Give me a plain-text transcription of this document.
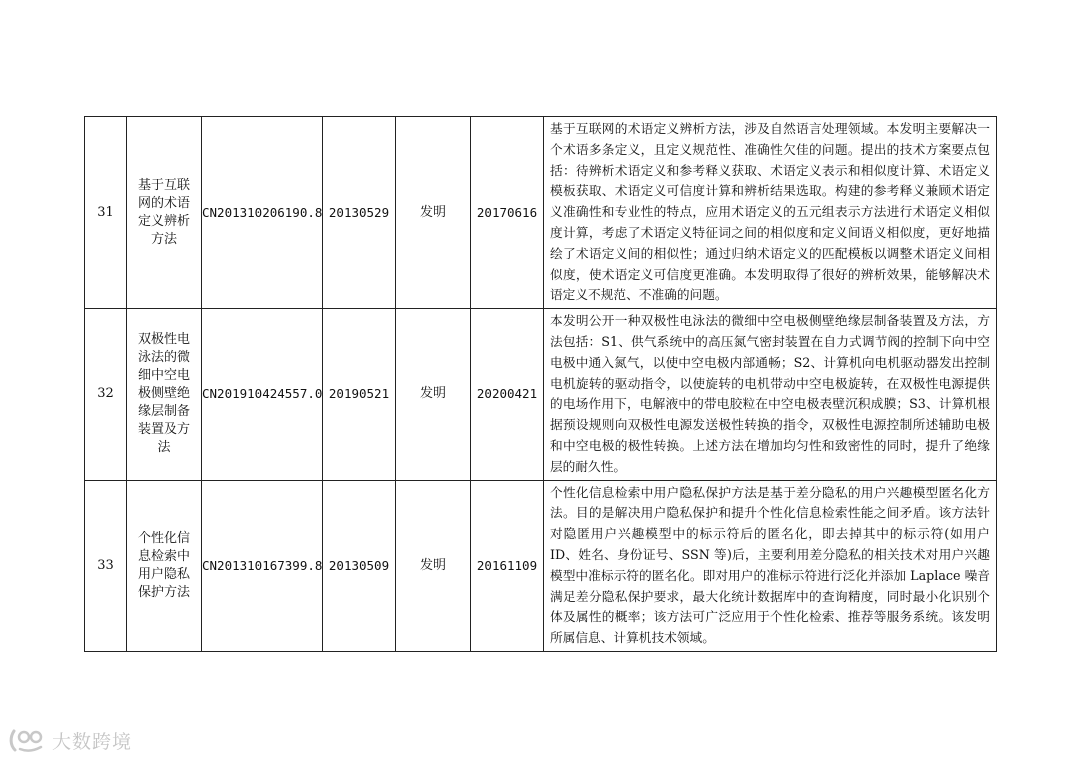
31	基于互联网的术语定义辨析方法	CN201310206190.8	20130529	发明	20170616	基于互联网的术语定义辨析方法，涉及自然语言处理领域。本发明主要解决一个术语多条定义，且定义规范性、准确性欠佳的问题。提出的技术方案要点包括：待辨析术语定义和参考释义获取、术语定义表示和相似度计算、术语定义模板获取、术语定义可信度计算和辨析结果选取。构建的参考释义兼顾术语定义准确性和专业性的特点，应用术语定义的五元组表示方法进行术语定义相似度计算，考虑了术语定义特征词之间的相似度和定义间语义相似度，更好地描绘了术语定义间的相似性；通过归纳术语定义的匹配模板以调整术语定义间相似度，使术语定义可信度更准确。本发明取得了很好的辨析效果，能够解决术语定义不规范、不准确的问题。
32	双极性电泳法的微细中空电极侧壁绝缘层制备装置及方法	CN201910424557.0	20190521	发明	20200421	本发明公开一种双极性电泳法的微细中空电极侧壁绝缘层制备装置及方法，方法包括：S1、供气系统中的高压氮气密封装置在自力式调节阀的控制下向中空电极中通入氮气，以使中空电极内部通畅；S2、计算机向电机驱动器发出控制电机旋转的驱动指令，以使旋转的电机带动中空电极旋转，在双极性电源提供的电场作用下，电解液中的带电胶粒在中空电极表壁沉积成膜；S3、计算机根据预设规则向双极性电源发送极性转换的指令，双极性电源控制所述辅助电极和中空电极的极性转换。上述方法在增加均匀性和致密性的同时，提升了绝缘层的耐久性。
33	个性化信息检索中用户隐私保护方法	CN201310167399.8	20130509	发明	20161109	个性化信息检索中用户隐私保护方法是基于差分隐私的用户兴趣模型匿名化方法。目的是解决用户隐私保护和提升个性化信息检索性能之间矛盾。该方法针对隐匿用户兴趣模型中的标示符后的匿名化，即去掉其中的标示符(如用户 ID、姓名、身份证号、SSN 等)后，主要利用差分隐私的相关技术对用户兴趣模型中准标示符的匿名化。即对用户的准标示符进行泛化并添加 Laplace 噪音满足差分隐私保护要求，最大化统计数据库中的查询精度，同时最小化识别个体及属性的概率；该方法可广泛应用于个性化检索、推荐等服务系统。该发明所属信息、计算机技术领域。
大数跨境
